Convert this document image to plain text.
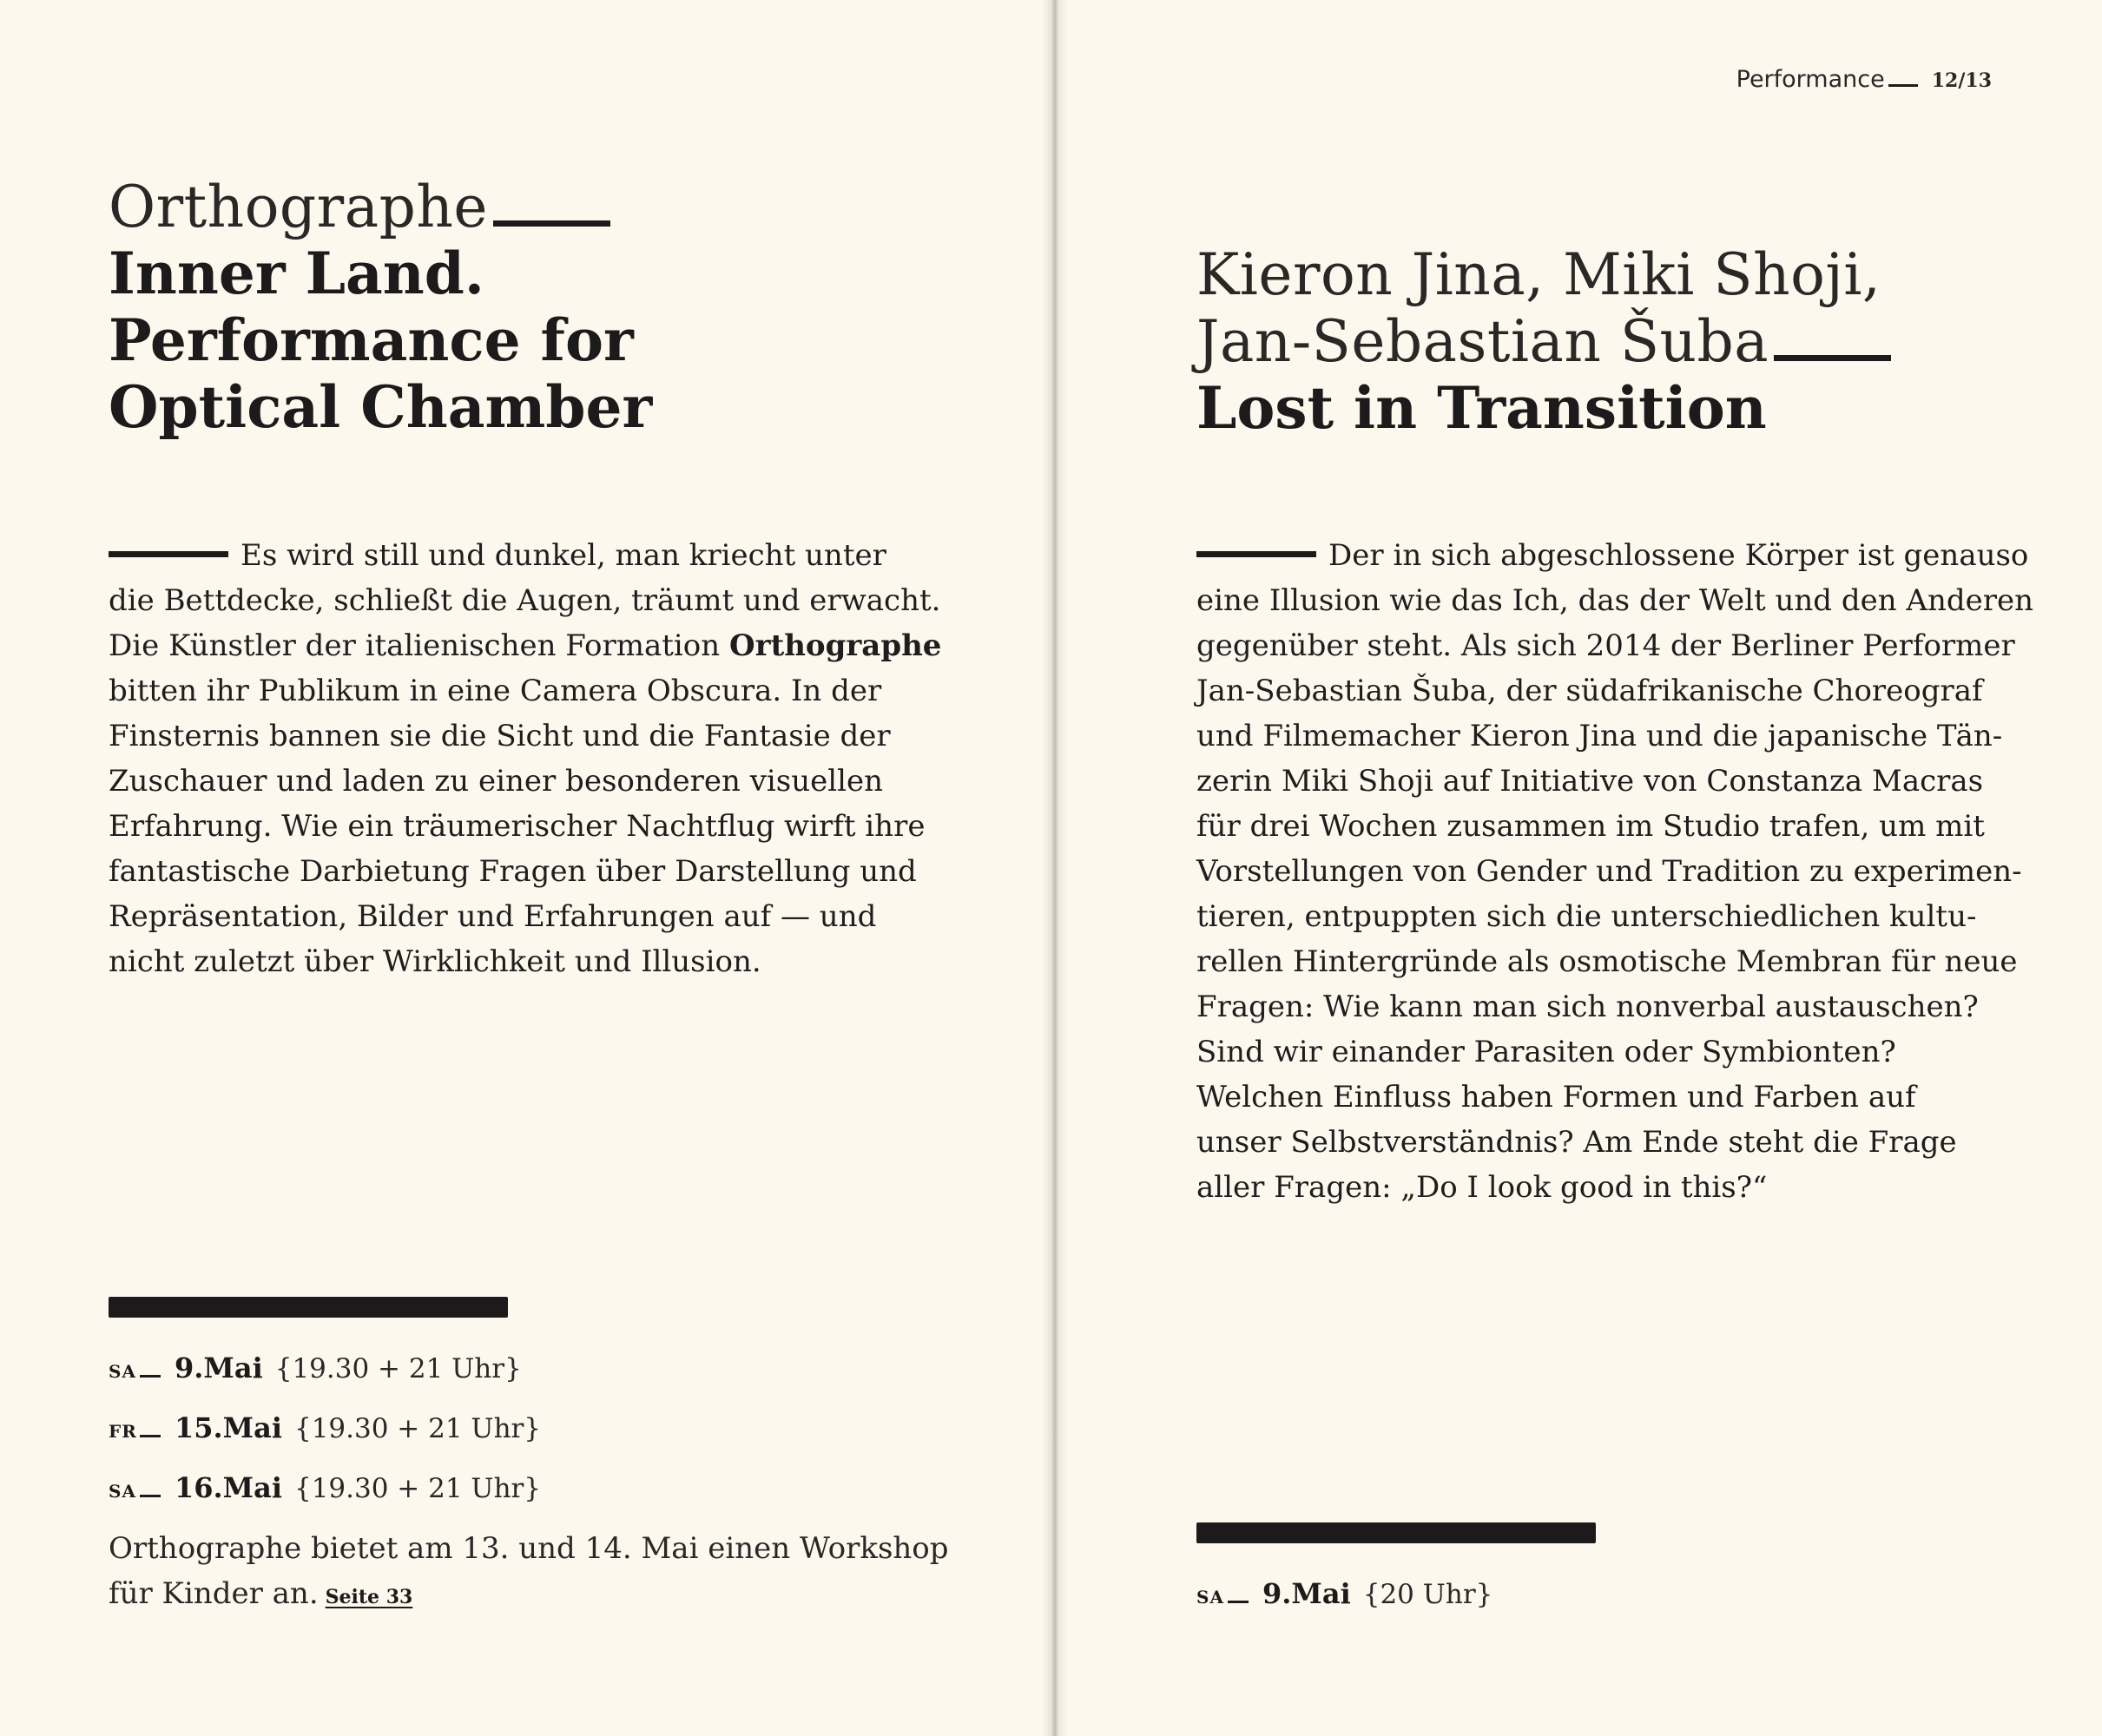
Performance 12/13
Orthographe
Inner Land.
Performance for
Optical Chamber
Es wird still und dunkel, man kriecht unter
die Bettdecke, schließt die Augen, träumt und erwacht.
Die Künstler der italienischen Formation Orthographe
bitten ihr Publikum in eine Camera Obscura. In der
Finsternis bannen sie die Sicht und die Fantasie der
Zuschauer und laden zu einer besonderen visuellen
Erfahrung. Wie ein träumerischer Nachtflug wirft ihre
fantastische Darbietung Fragen über Darstellung und
Repräsentation, Bilder und Erfahrungen auf — und
nicht zuletzt über Wirklichkeit und Illusion.
SA 9.Mai {19.30 + 21 Uhr}
FR 15.Mai {19.30 + 21 Uhr}
SA 16.Mai {19.30 + 21 Uhr}
Orthographe bietet am 13. und 14. Mai einen Workshop
für Kinder an. Seite 33
Kieron Jina, Miki Shoji,
Jan-Sebastian Šuba
Lost in Transition
Der in sich abgeschlossene Körper ist genauso
eine Illusion wie das Ich, das der Welt und den Anderen
gegenüber steht. Als sich 2014 der Berliner Performer
Jan-Sebastian Šuba, der südafrikanische Choreograf
und Filmemacher Kieron Jina und die japanische Tän-
zerin Miki Shoji auf Initiative von Constanza Macras
für drei Wochen zusammen im Studio trafen, um mit
Vorstellungen von Gender und Tradition zu experimen-
tieren, entpuppten sich die unterschiedlichen kultu-
rellen Hintergründe als osmotische Membran für neue
Fragen: Wie kann man sich nonverbal austauschen?
Sind wir einander Parasiten oder Symbionten?
Welchen Einfluss haben Formen und Farben auf
unser Selbstverständnis? Am Ende steht die Frage
aller Fragen: „Do I look good in this?“
SA 9.Mai {20 Uhr}
